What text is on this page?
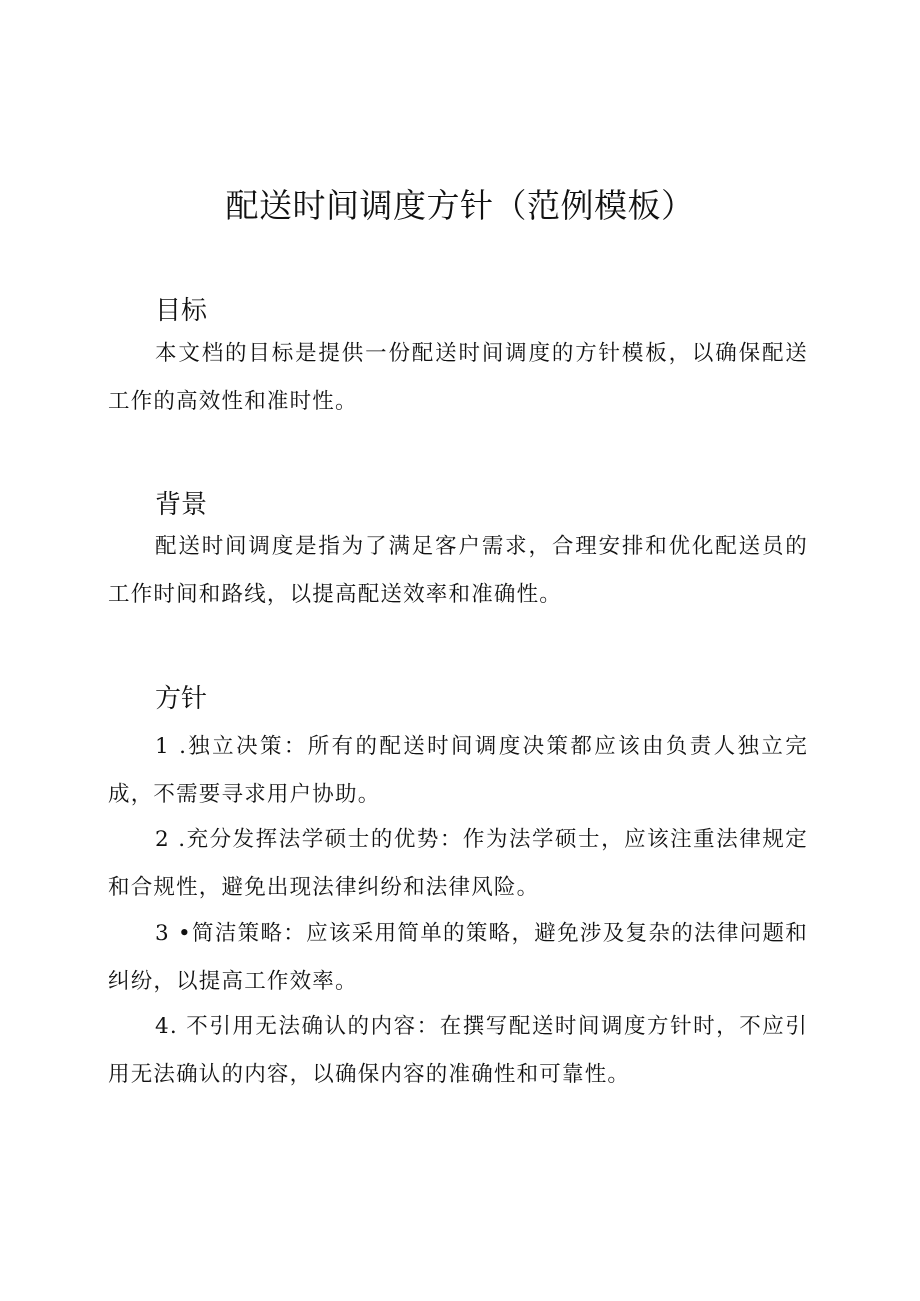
配送时间调度方针（范例模板）
目标

本文档的目标是提供一份配送时间调度的方针模板，以确保配送工作的高效性和准时性。

背景

配送时间调度是指为了满足客户需求，合理安排和优化配送员的工作时间和路线，以提高配送效率和准确性。

方针

1 .独立决策：所有的配送时间调度决策都应该由负责人独立完成，不需要寻求用户协助。

2 .充分发挥法学硕士的优势：作为法学硕士，应该注重法律规定和合规性，避免出现法律纠纷和法律风险。

3 •简洁策略：应该采用简单的策略，避免涉及复杂的法律问题和纠纷，以提高工作效率。

4. 不引用无法确认的内容：在撰写配送时间调度方针时，不应引用无法确认的内容，以确保内容的准确性和可靠性。
